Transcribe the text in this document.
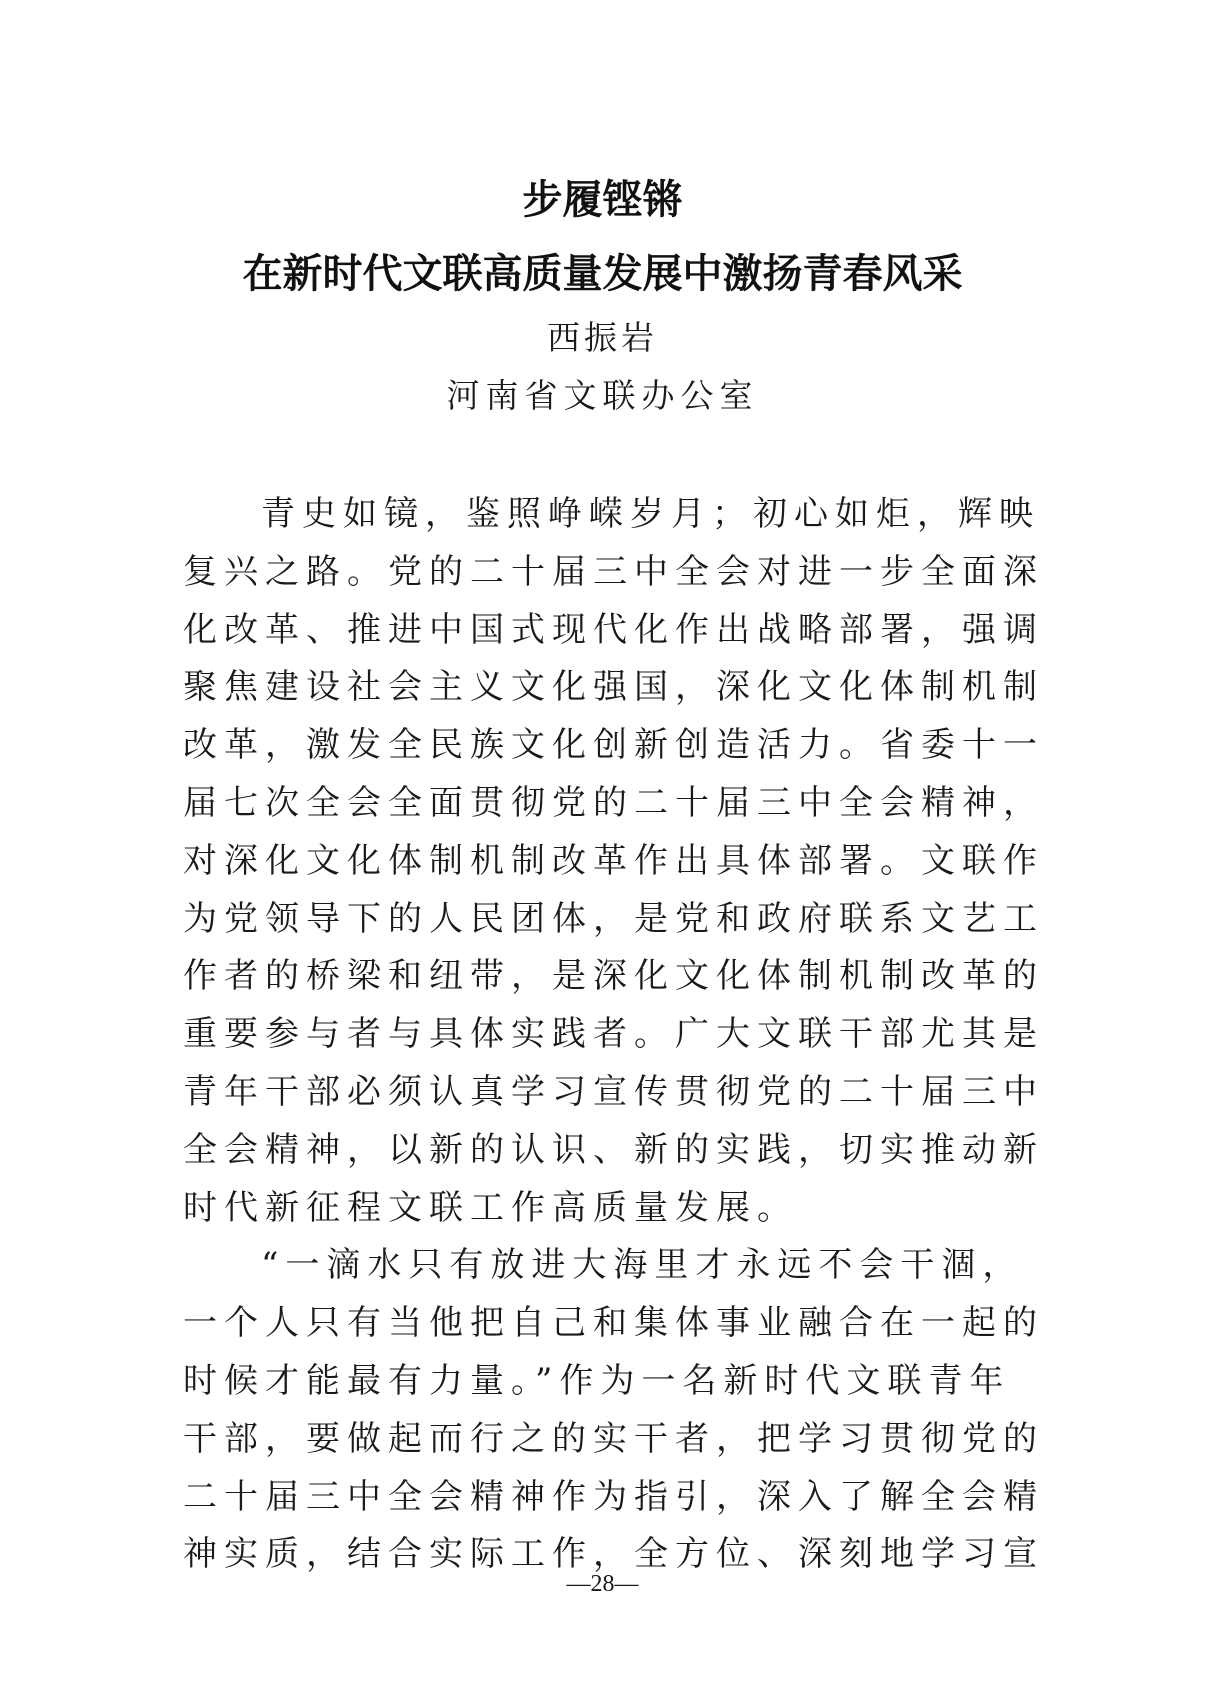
步履铿锵
在新时代文联高质量发展中激扬青春风采
西振岩
河南省文联办公室
青史如镜，鉴照峥嵘岁月；初心如炬，辉映
复兴之路。党的二十届三中全会对进一步全面深
化改革、推进中国式现代化作出战略部署，强调
聚焦建设社会主义文化强国，深化文化体制机制
改革，激发全民族文化创新创造活力。省委十一
届七次全会全面贯彻党的二十届三中全会精神，
对深化文化体制机制改革作出具体部署。文联作
为党领导下的人民团体，是党和政府联系文艺工
作者的桥梁和纽带，是深化文化体制机制改革的
重要参与者与具体实践者。广大文联干部尤其是
青年干部必须认真学习宣传贯彻党的二十届三中
全会精神，以新的认识、新的实践，切实推动新
时代新征程文联工作高质量发展。
“一滴水只有放进大海里才永远不会干涸，
一个人只有当他把自己和集体事业融合在一起的
时候才能最有力量。”作为一名新时代文联青年
干部，要做起而行之的实干者，把学习贯彻党的
二十届三中全会精神作为指引，深入了解全会精
神实质，结合实际工作，全方位、深刻地学习宣
—28—
